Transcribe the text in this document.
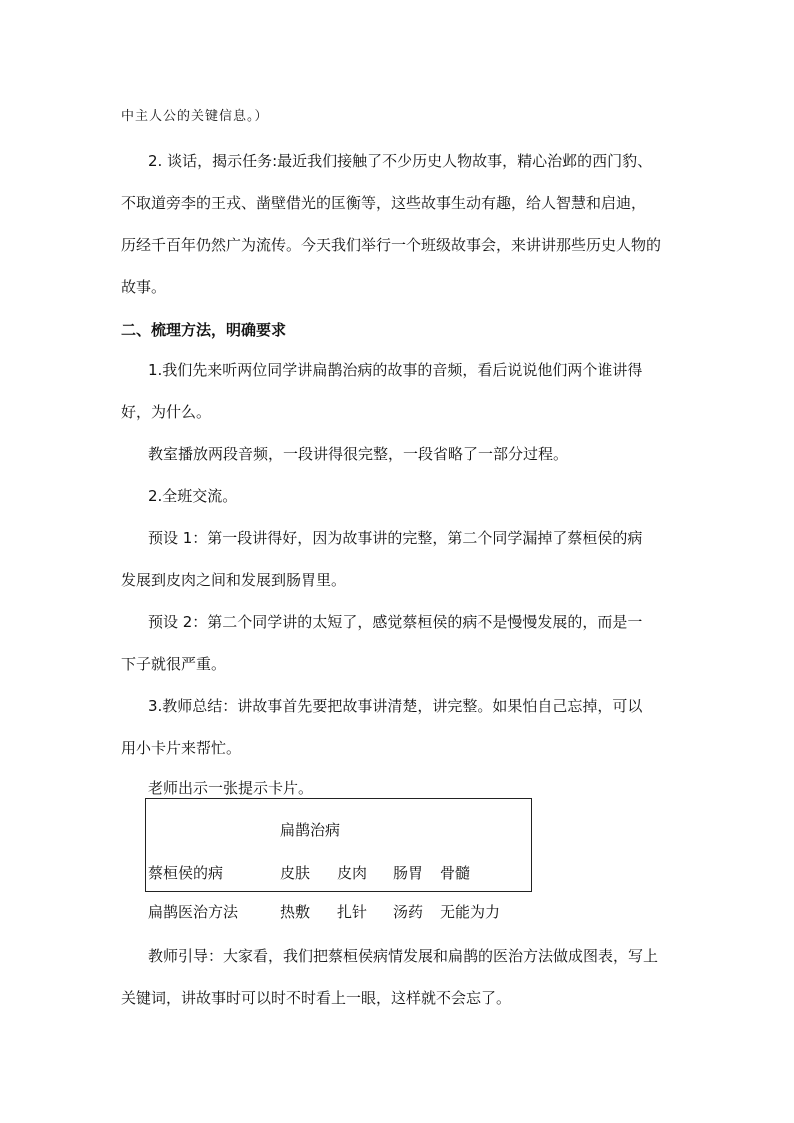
中主人公的关键信息。）
2. 谈话，揭示任务:最近我们接触了不少历史人物故事，精心治邺的西门豹、
不取道旁李的王戎、凿壁借光的匡衡等，这些故事生动有趣，给人智慧和启迪，
历经千百年仍然广为流传。今天我们举行一个班级故事会，来讲讲那些历史人物的
故事。
二、梳理方法，明确要求
1.我们先来听两位同学讲扁鹊治病的故事的音频，看后说说他们两个谁讲得
好，为什么。
教室播放两段音频，一段讲得很完整，一段省略了一部分过程。
2.全班交流。
预设 1：第一段讲得好，因为故事讲的完整，第二个同学漏掉了蔡桓侯的病
发展到皮肉之间和发展到肠胃里。
预设 2：第二个同学讲的太短了，感觉蔡桓侯的病不是慢慢发展的，而是一
下子就很严重。
3.教师总结：讲故事首先要把故事讲清楚，讲完整。如果怕自己忘掉，可以
用小卡片来帮忙。
老师出示一张提示卡片。
扁鹊治病
蔡桓侯的病	皮肤 皮肉 肠胃 骨髓
扁鹊医治方法	热敷 扎针 汤药 无能为力
教师引导：大家看，我们把蔡桓侯病情发展和扁鹊的医治方法做成图表，写上
关键词，讲故事时可以时不时看上一眼，这样就不会忘了。
